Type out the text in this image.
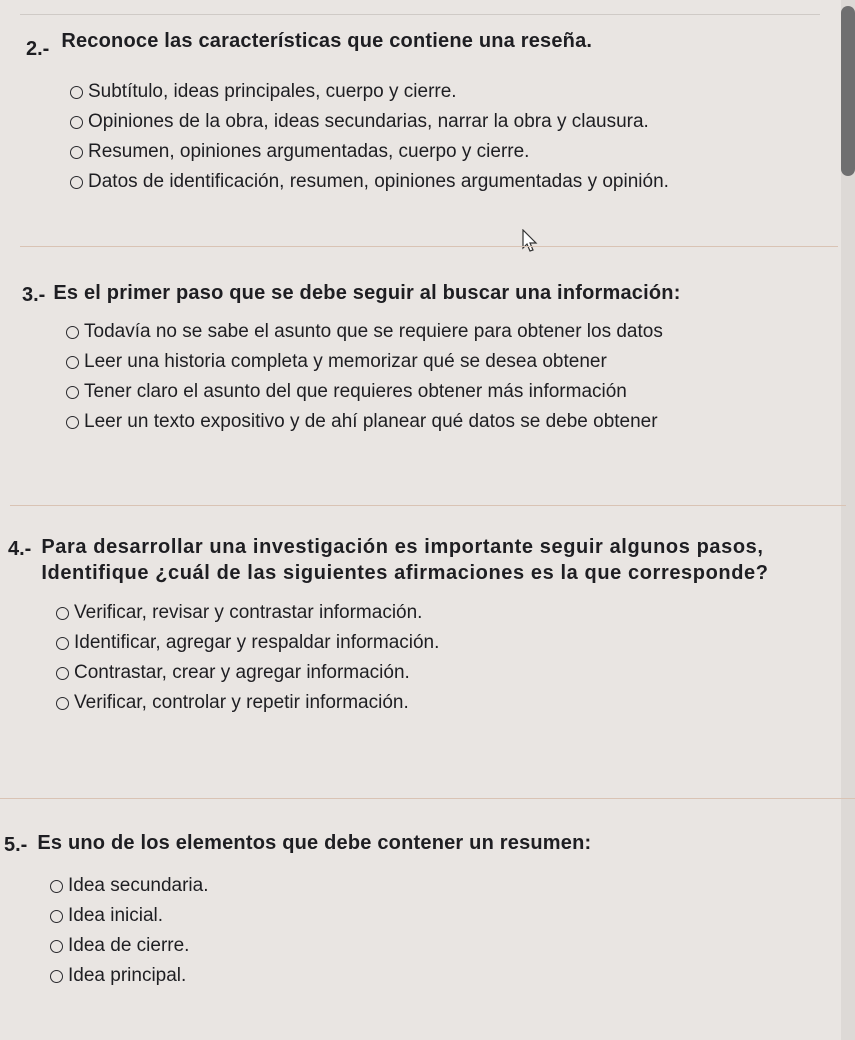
2.- Reconoce las características que contiene una reseña.
Subtítulo, ideas principales, cuerpo y cierre.
Opiniones de la obra, ideas secundarias, narrar la obra y clausura.
Resumen, opiniones argumentadas, cuerpo y cierre.
Datos de identificación, resumen, opiniones argumentadas y opinión.
3.- Es el primer paso que se debe seguir al buscar una información:
Todavía no se sabe el asunto que se requiere para obtener los datos
Leer una historia completa y memorizar qué se desea obtener
Tener claro el asunto del que requieres obtener más información
Leer un texto expositivo y de ahí planear qué datos se debe obtener
4.- Para desarrollar una investigación es importante seguir algunos pasos, Identifique ¿cuál de las siguientes afirmaciones es la que corresponde?
Verificar, revisar y contrastar información.
Identificar, agregar y respaldar información.
Contrastar, crear y agregar información.
Verificar, controlar y repetir información.
5.- Es uno de los elementos que debe contener un resumen:
Idea secundaria.
Idea inicial.
Idea de cierre.
Idea principal.
